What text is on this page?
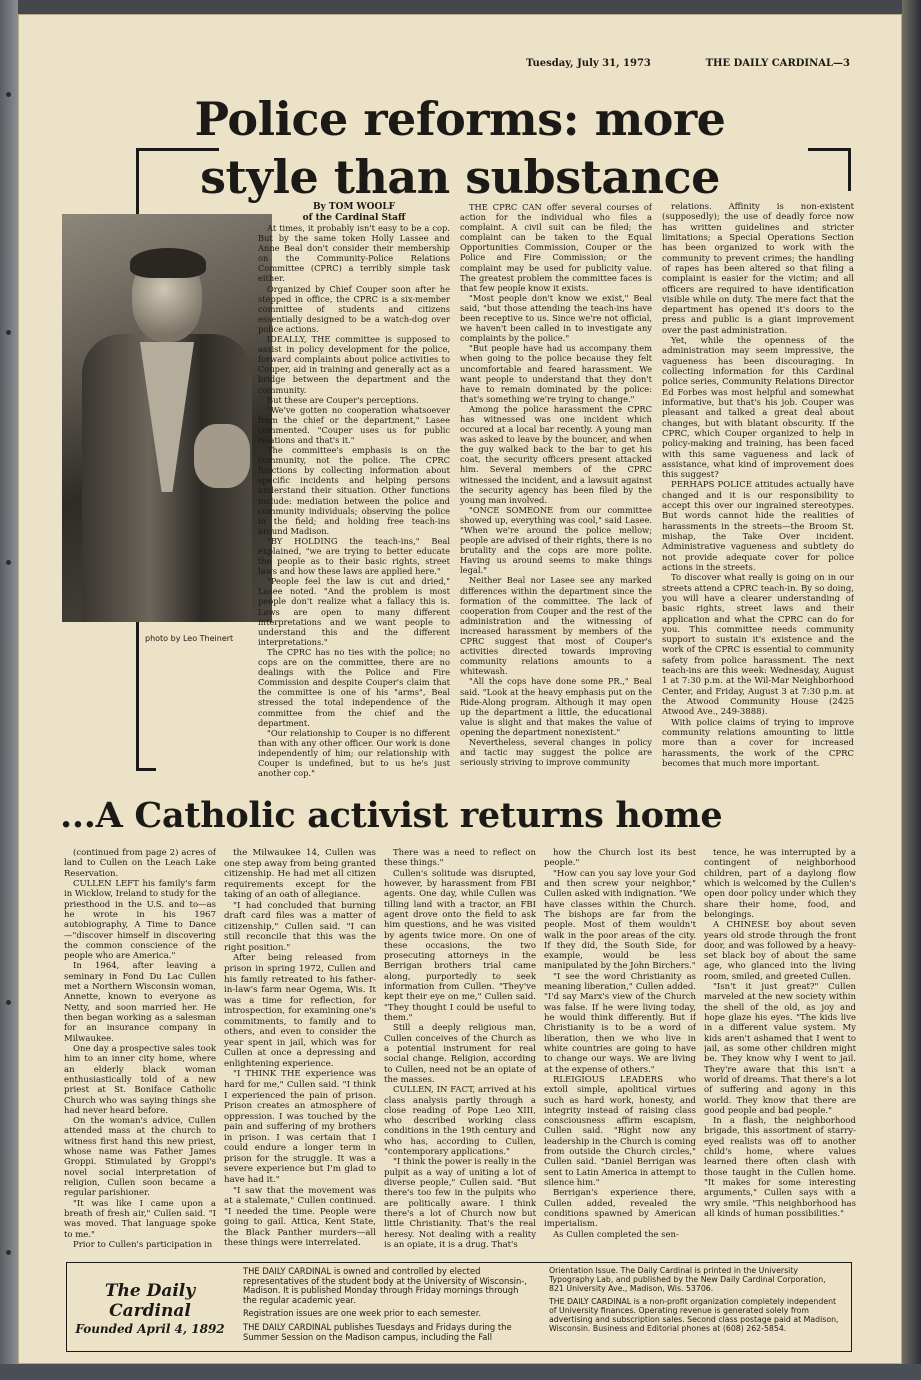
Tuesday, July 31, 1973	THE DAILY CARDINAL—3
Police reforms: more
style than substance
photo by Leo Theinert
By TOM WOOLF
of the Cardinal Staff

At times, it probably isn't easy to be a cop. But by the same token Holly Lassee and Anne Beal don't consider their membership on the Community-Police Relations Committee (CPRC) a terribly simple task either.

Organized by Chief Couper soon after he stepped in office, the CPRC is a six-member committee of students and citizens essentially designed to be a watch-dog over police actions.

IDEALLY, THE committee is supposed to assist in policy development for the police, forward complaints about police activities to Couper, aid in training and generally act as a bridge between the department and the community.

But these are Couper's perceptions.

"We've gotten no cooperation whatsoever from the chief or the department," Lasee commented. "Couper uses us for public relations and that's it."

The committee's emphasis is on the community, not the police. The CPRC functions by collecting information about specific incidents and helping persons understand their situation. Other functions include: mediation between the police and community individuals; observing the police in the field; and holding free teach-ins around Madison.

"BY HOLDING the teach-ins," Beal explained, "we are trying to better educate the people as to their basic rights, street laws and how these laws are applied here."

"People feel the law is cut and dried," Lasee noted. "And the problem is most people don't realize what a fallacy this is. Laws are open to many different interpretations and we want people to understand this and the different interpretations."

The CPRC has no ties with the police; no cops are on the committee, there are no dealings with the Police and Fire Commission and despite Couper's claim that the committee is one of his "arms", Beal stressed the total independence of the committee from the chief and the department.

"Our relationship to Couper is no different than with any other officer. Our work is done independently of him; our relationship with Couper is undefined, but to us he's just another cop."

THE CPRC CAN offer several courses of action for the individual who files a complaint. A civil suit can be filed; the complaint can be taken to the Equal Opportunities Commission, Couper or the Police and Fire Commission; or the complaint may be used for publicity value. The greatest problem the committee faces is that few people know it exists.

"Most people don't know we exist," Beal said, "but those attending the teach-ins have been receptive to us. Since we're not official, we haven't been called in to investigate any complaints by the police."

"But people have had us accompany them when going to the police because they felt uncomfortable and feared harassment. We want people to understand that they don't have to remain dominated by the police: that's something we're trying to change."

Among the police harassment the CPRC has witnessed was one incident which occured at a local bar recently. A young man was asked to leave by the bouncer, and when the guy walked back to the bar to get his coat, the security officers present attacked him. Several members of the CPRC witnessed the incident, and a lawsuit against the security agency has been filed by the young man involved.

"ONCE SOMEONE from our committee showed up, everything was cool," said Lasee. "When we're around the police mellow; people are advised of their rights, there is no brutality and the cops are more polite. Having us around seems to make things legal."

Neither Beal nor Lasee see any marked differences within the department since the formation of the committee. The lack of cooperation from Couper and the rest of the administration and the witnessing of increased harassment by members of the CPRC suggest that most of Couper's activities directed towards improving community relations amounts to a whitewash.

"All the cops have done some PR.," Beal said. "Look at the heavy emphasis put on the Ride-Along program. Although it may open up the department a little, the educational value is slight and that makes the value of opening the department nonexistent."

Nevertheless, several changes in policy and tactic may suggest the police are seriously striving to improve community

relations. Affinity is non-existent (supposedly); the use of deadly force now has written guidelines and stricter limitations; a Special Operations Section has been organized to work with the community to prevent crimes; the handling of rapes has been altered so that filing a complaint is easier for the victim; and all officers are required to have identification visible while on duty. The mere fact that the department has opened it's doors to the press and public is a giant improvement over the past administration.

Yet, while the openness of the administration may seem impressive, the vagueness has been discouraging. In collecting information for this Cardinal police series, Community Relations Director Ed Forbes was most helpful and somewhat informative, but that's his job. Couper was pleasant and talked a great deal about changes, but with blatant obscurity. If the CPRC, which Couper organized to help in policy-making and training, has been faced with this same vagueness and lack of assistance, what kind of improvement does this suggest?

PERHAPS POLICE attitudes actually have changed and it is our responsibility to accept this over our ingrained stereotypes. But words cannot hide the realities of harassments in the streets—the Broom St. mishap, the Take Over incident. Administrative vagueness and subtlety do not provide adequate cover for police actions in the streets.

To discover what really is going on in our streets attend a CPRC teach-in. By so doing, you will have a clearer understanding of basic rights, street laws and their application and what the CPRC can do for you. This committee needs community support to sustain it's existence and the work of the CPRC is essential to community safety from police harassment. The next teach-ins are this week: Wednesday, August 1 at 7:30 p.m. at the Wil-Mar Neighborhood Center, and Friday, August 3 at 7:30 p.m. at the Atwood Community House (2425 Atwood Ave., 249-3888).

With police claims of trying to improve community relations amounting to little more than a cover for increased harassments, the work of the CPRC becomes that much more important.

...A Catholic activist returns home

(continued from page 2) acres of land to Cullen on the Leach Lake Reservation.

CULLEN LEFT his family's farm in Wicklow, Ireland to study for the priesthood in the U.S. and to—as he wrote in his 1967 autobiography, A Time to Dance—"discover himself in discovering the common conscience of the people who are America."

In 1964, after leaving a seminary in Fond Du Lac Cullen met a Northern Wisconsin woman, Annette, known to everyone as Netty, and soon married her. He then began working as a salesman for an insurance company in Milwaukee.

One day a prospective sales took him to an inner city home, where an elderly black woman enthusiastically told of a new priest at St. Boniface Catholic Church who was saying things she had never heard before.

On the woman's advice, Cullen attended mass at the church to witness first hand this new priest, whose name was Father James Groppi. Stimulated by Groppi's novel social interpretation of religion, Cullen soon became a regular parishioner.

"It was like I came upon a breath of fresh air," Cullen said. "I was moved. That language spoke to me."

Prior to Cullen's participation in

the Milwaukee 14, Cullen was one step away from being granted citizenship. He had met all citizen requirements except for the taking of an oath of allegiance.

"I had concluded that burning draft card files was a matter of citizenship," Cullen said. "I can still reconcile that this was the right position."

After being released from prison in spring 1972, Cullen and his family retreated to his father-in-law's farm near Ogema, Wis. It was a time for reflection, for introspection, for examining one's commitments, to family and to others, and even to consider the year spent in jail, which was for Cullen at once a depressing and enlightening experience.

"I THINK THE experience was hard for me," Cullen said. "I think I experienced the pain of prison. Prison creates an atmosphere of oppression. I was touched by the pain and suffering of my brothers in prison. I was certain that I could endure a longer term in prison for the struggle. It was a severe experience but I'm glad to have had it."

"I saw that the movement was at a stalemate," Cullen continued. "I needed the time. People were going to gail. Attica, Kent State, the Black Panther murders—all these things were interrelated.

There was a need to reflect on these things."

Cullen's solitude was disrupted, however, by harassment from FBI agents. One day, while Cullen was tilling land with a tractor, an FBI agent drove onto the field to ask him questions, and he was visited by agents twice more. On one of these occasions, the two prosecuting attorneys in the Berrigan brothers trial came along, purportedly to seek information from Cullen. "They've kept their eye on me," Cullen said. "They thought I could be useful to them."

Still a deeply religious man, Cullen conceives of the Church as a potential instrument for real social change. Religion, according to Cullen, need not be an opiate of the masses.

CULLEN, IN FACT, arrived at his class analysis partly through a close reading of Pope Leo XIII, who described working class conditions in the 19th century and who has, according to Cullen, "contemporary applications."

"I think the power is really in the pulpit as a way of uniting a lot of diverse people," Cullen said. "But there's too few in the pulpits who are politically aware. I think there's a lot of Church now but little Christianity. That's the real heresy. Not dealing with a reality is an opiate, it is a drug. That's

how the Church lost its best people."

"How can you say love your God and then screw your neighbor," Cullen asked with indignation. "We have classes within the Church. The bishops are far from the people. Most of them wouldn't walk in the poor areas of the city. If they did, the South Side, for example, would be less manipulated by the John Birchers."

"I see the word Christianity as meaning liberation," Cullen added. "I'd say Marx's view of the Church was false. If he were living today, he would think differently. But if Christianity is to be a word of liberation, then we who live in white countries are going to have to change our ways. We are living at the expense of others."

RLEIGIOUS LEADERS who extoll simple, apolitical virtues such as hard work, honesty, and integrity instead of raising class consciousness affirm escapism, Cullen said. "Right now any leadership in the Church is coming from outside the Church circles," Cullen said. "Daniel Berrigan was sent to Latin America in attempt to silence him."

Berrigan's experience there, Cullen added, revealed the conditions spawned by American imperialism.

As Cullen completed the sen-

tence, he was interrupted by a contingent of neighborhood children, part of a daylong flow which is welcomed by the Cullen's open door policy under which they share their home, food, and belongings.

A CHINESE boy about seven years old strode through the front door, and was followed by a heavy-set black boy of about the same age, who glanced into the living room, smiled, and greeted Cullen.

"Isn't it just great?" Cullen marveled at the new society within the shell of the old, as joy and hope glaze his eyes. "The kids live in a different value system. My kids aren't ashamed that I went to jail, as some other children might be. They know why I went to jail. They're aware that this isn't a world of dreams. That there's a lot of suffering and agony in this world. They know that there are good people and bad people."

In a flash, the neighborhood brigade, this assortment of starry-eyed realists was off to another child's home, where values learned there often clash with those taught in the Cullen home. "It makes for some interesting arguments," Cullen says with a wry smile. "This neighborhood has all kinds of human possibilities."

The Daily Cardinal
Founded April 4, 1892

THE DAILY CARDINAL is owned and controlled by elected representatives of the student body at the University of Wisconsin-, Madison. It is published Monday through Friday mornings through the regular academic year.

Registration issues are one week prior to each semester.

THE DAILY CARDINAL publishes Tuesdays and Fridays during the Summer Session on the Madison campus, including the Fall

Orientation Issue. The Daily Cardinal is printed in the University Typography Lab, and published by the New Daily Cardinal Corporation, 821 University Ave., Madison, Wis. 53706.

THE DAILY CARDINAL is a non-profit organization completely independent of University finances. Operating revenue is generated solely from advertising and subscription sales. Second class postage paid at Madison, Wisconsin. Business and Editorial phones at (608) 262-5854.
